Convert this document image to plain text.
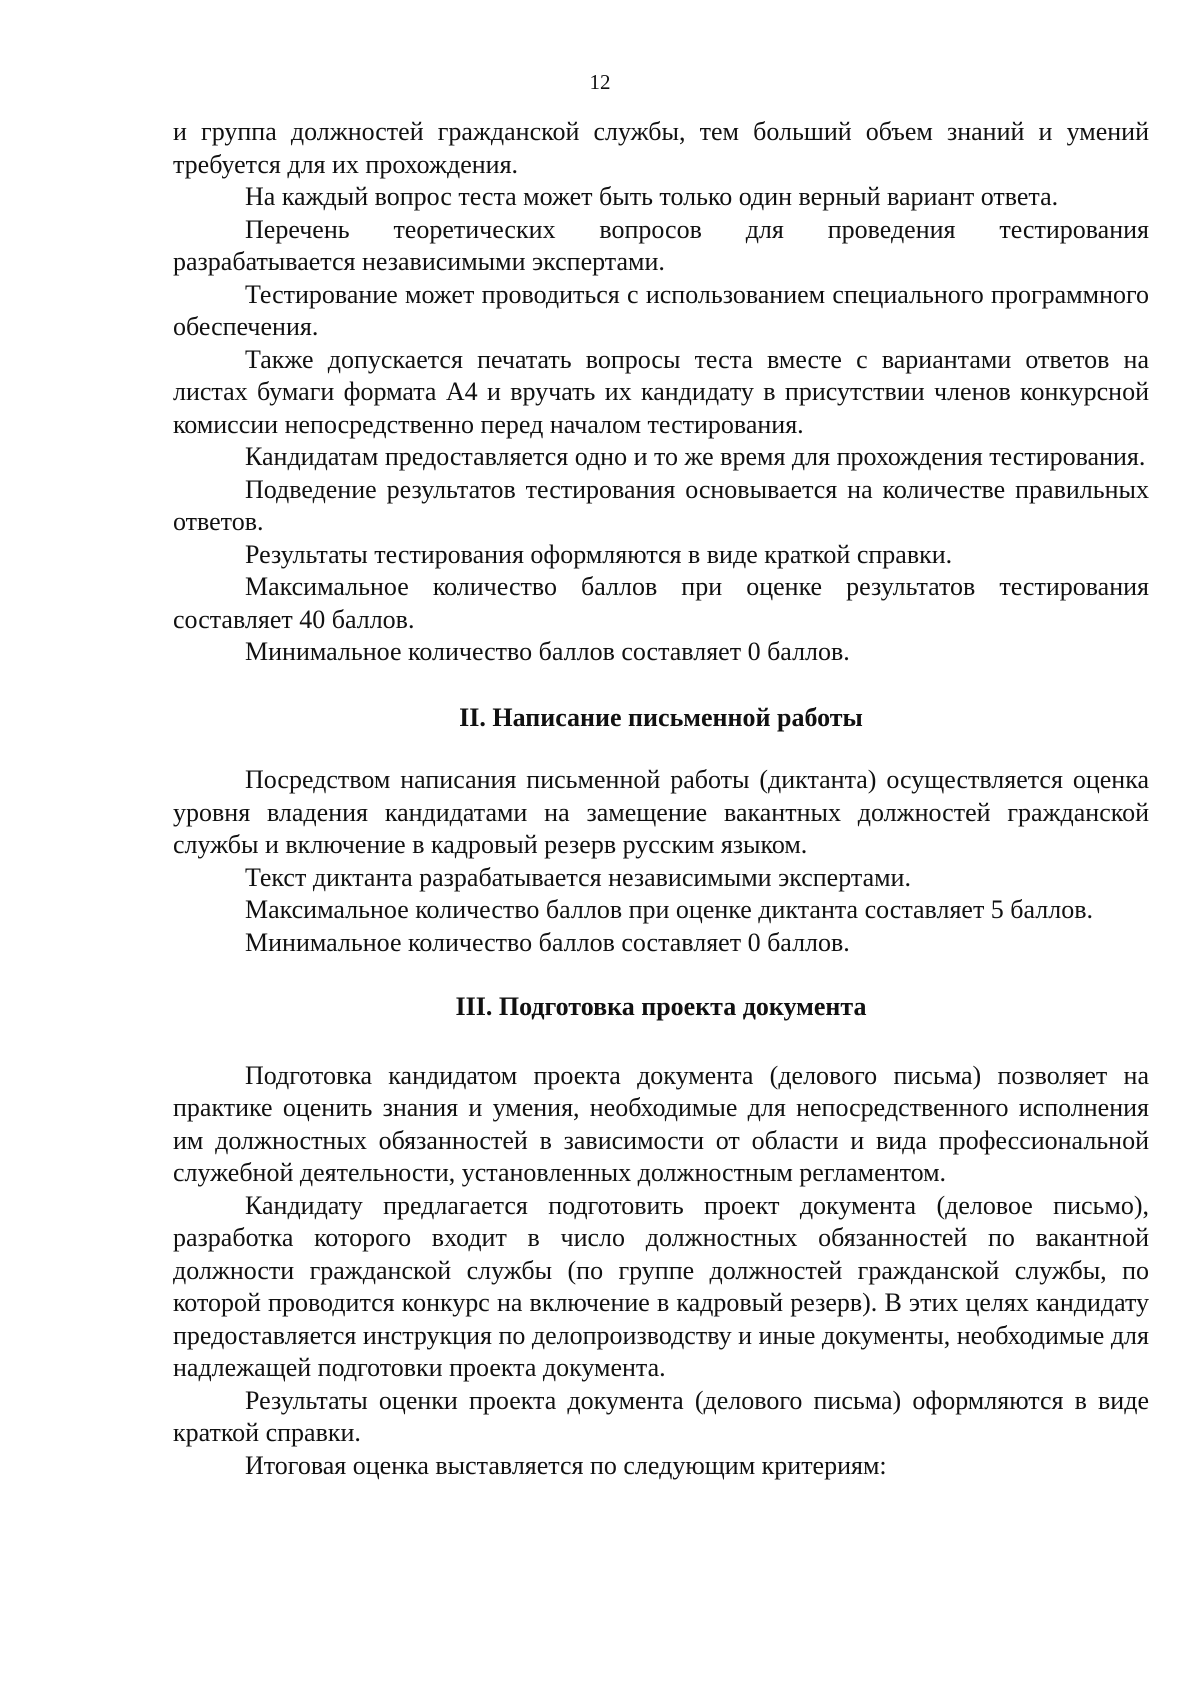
12

и группа должностей гражданской службы, тем больший объем знаний и умений требуется для их прохождения.

На каждый вопрос теста может быть только один верный вариант ответа.

Перечень теоретических вопросов для проведения тестирования разрабатывается независимыми экспертами.

Тестирование может проводиться с использованием специального программного обеспечения.

Также допускается печатать вопросы теста вместе с вариантами ответов на листах бумаги формата А4 и вручать их кандидату в присутствии членов конкурсной комиссии непосредственно перед началом тестирования.

Кандидатам предоставляется одно и то же время для прохождения тестирования.

Подведение результатов тестирования основывается на количестве правильных ответов.

Результаты тестирования оформляются в виде краткой справки.

Максимальное количество баллов при оценке результатов тестирования составляет 40 баллов.

Минимальное количество баллов составляет 0 баллов.

II. Написание письменной работы

Посредством написания письменной работы (диктанта) осуществляется оценка уровня владения кандидатами на замещение вакантных должностей гражданской службы и включение в кадровый резерв русским языком.

Текст диктанта разрабатывается независимыми экспертами.

Максимальное количество баллов при оценке диктанта составляет 5 баллов.

Минимальное количество баллов составляет 0 баллов.

III. Подготовка проекта документа

Подготовка кандидатом проекта документа (делового письма) позволяет на практике оценить знания и умения, необходимые для непосредственного исполнения им должностных обязанностей в зависимости от области и вида профессиональной служебной деятельности, установленных должностным регламентом.

Кандидату предлагается подготовить проект документа (деловое письмо), разработка которого входит в число должностных обязанностей по вакантной должности гражданской службы (по группе должностей гражданской службы, по которой проводится конкурс на включение в кадровый резерв). В этих целях кандидату предоставляется инструкция по делопроизводству и иные документы, необходимые для надлежащей подготовки проекта документа.

Результаты оценки проекта документа (делового письма) оформляются в виде краткой справки.

Итоговая оценка выставляется по следующим критериям:
